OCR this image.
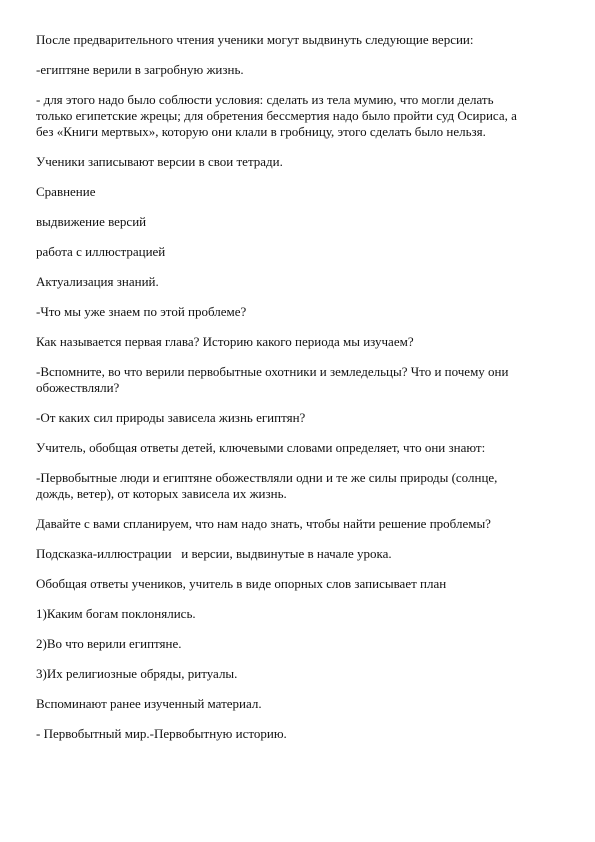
После предварительного чтения ученики могут выдвинуть следующие версии:

-египтяне верили в загробную жизнь.

- для этого надо было соблюсти условия: сделать из тела мумию, что могли делать
только египетские жрецы; для обретения бессмертия надо было пройти суд Осириса, а
без «Книги мертвых», которую они клали в гробницу, этого сделать было нельзя.

Ученики записывают версии в свои тетради.

Сравнение

выдвижение версий

работа с иллюстрацией

Актуализация знаний.

-Что мы уже знаем по этой проблеме?

Как называется первая глава? Историю какого периода мы изучаем?

-Вспомните, во что верили первобытные охотники и земледельцы? Что и почему они
обожествляли?

-От каких сил природы зависела жизнь египтян?

Учитель, обобщая ответы детей, ключевыми словами определяет, что они знают:

-Первобытные люди и египтяне обожествляли одни и те же силы природы (солнце,
дождь, ветер), от которых зависела их жизнь.

Давайте с вами спланируем, что нам надо знать, чтобы найти решение проблемы?

Подсказка-иллюстрации   и версии, выдвинутые в начале урока.

Обобщая ответы учеников, учитель в виде опорных слов записывает план

1)Каким богам поклонялись.

2)Во что верили египтяне.

3)Их религиозные обряды, ритуалы.

Вспоминают ранее изученный материал.

- Первобытный мир.-Первобытную историю.
